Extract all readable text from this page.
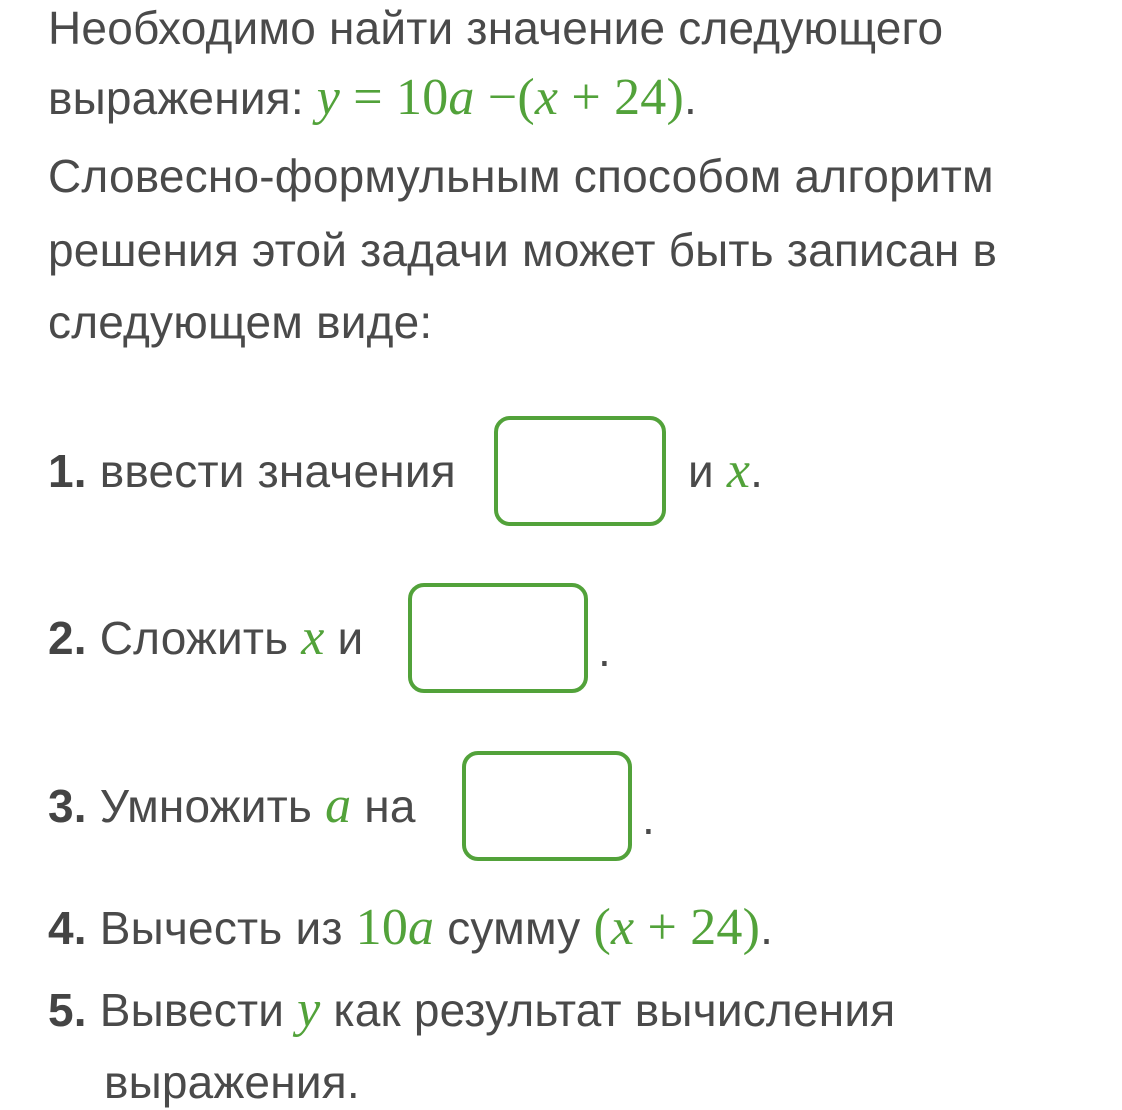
Необходимо найти значение следующего
выражения: y = 10a −(x + 24).
Словесно-формульным способом алгоритм
решения этой задачи может быть записан в
следующем виде:
1. ввести значения	и x.
2. Сложить x и	.
3. Умножить a на	.
4. Вычесть из 10a сумму (x + 24).
5. Вывести y как результат вычисления
выражения.
